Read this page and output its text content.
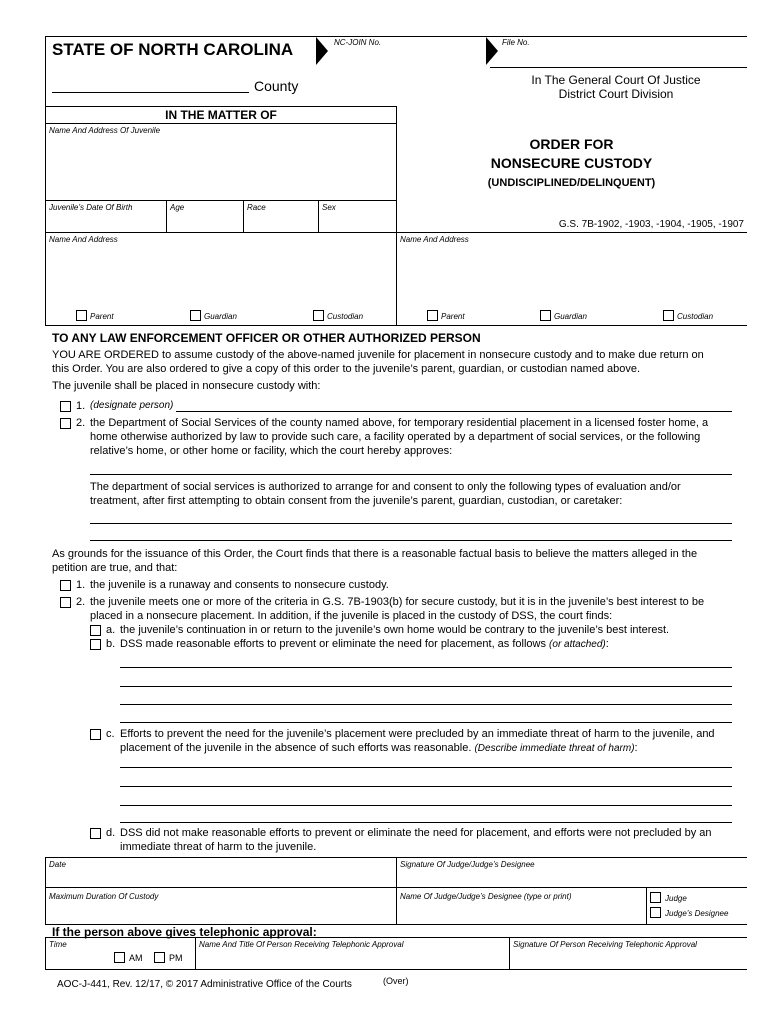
STATE OF NORTH CAROLINA	NC-JOIN No.	File No.
County	In The General Court Of Justice
District Court Division
IN THE MATTER OF
Name And Address Of Juvenile
Juvenile’s Date Of Birth	Age	Race	Sex
ORDER FOR
NONSECURE CUSTODY
(UNDISCIPLINED/DELINQUENT)
G.S. 7B-1902, -1903, -1904, -1905, -1907
Name And Address
Parent	Guardian	Custodian
Name And Address
Parent	Guardian	Custodian
TO ANY LAW ENFORCEMENT OFFICER OR OTHER AUTHORIZED PERSON
YOU ARE ORDERED to assume custody of the above-named juvenile for placement in nonsecure custody and to make due return on
this Order. You are also ordered to give a copy of this order to the juvenile’s parent, guardian, or custodian named above.
The juvenile shall be placed in nonsecure custody with:
1. (designate person)
2. the Department of Social Services of the county named above, for temporary residential placement in a licensed foster home, a
home otherwise authorized by law to provide such care, a facility operated by a department of social services, or the following
relative’s home, or other home or facility, which the court hereby approves:
The department of social services is authorized to arrange for and consent to only the following types of evaluation and/or
treatment, after first attempting to obtain consent from the juvenile’s parent, guardian, custodian, or caretaker:
As grounds for the issuance of this Order, the Court finds that there is a reasonable factual basis to believe the matters alleged in the
petition are true, and that:
1. the juvenile is a runaway and consents to nonsecure custody.
2. the juvenile meets one or more of the criteria in G.S. 7B-1903(b) for secure custody, but it is in the juvenile’s best interest to be
placed in a nonsecure placement. In addition, if the juvenile is placed in the custody of DSS, the court finds:
a. the juvenile’s continuation in or return to the juvenile’s own home would be contrary to the juvenile’s best interest.
b. DSS made reasonable efforts to prevent or eliminate the need for placement, as follows (or attached):
c. Efforts to prevent the need for the juvenile’s placement were precluded by an immediate threat of harm to the juvenile, and
placement of the juvenile in the absence of such efforts was reasonable. (Describe immediate threat of harm):
d. DSS did not make reasonable efforts to prevent or eliminate the need for placement, and efforts were not precluded by an
immediate threat of harm to the juvenile.
Date	Signature Of Judge/Judge’s Designee
Maximum Duration Of Custody	Name Of Judge/Judge’s Designee (type or print)	Judge
Judge’s Designee
If the person above gives telephonic approval:
Time
AM	PM
Name And Title Of Person Receiving Telephonic Approval	Signature Of Person Receiving Telephonic Approval
AOC-J-441, Rev. 12/17, © 2017 Administrative Office of the Courts	(Over)
